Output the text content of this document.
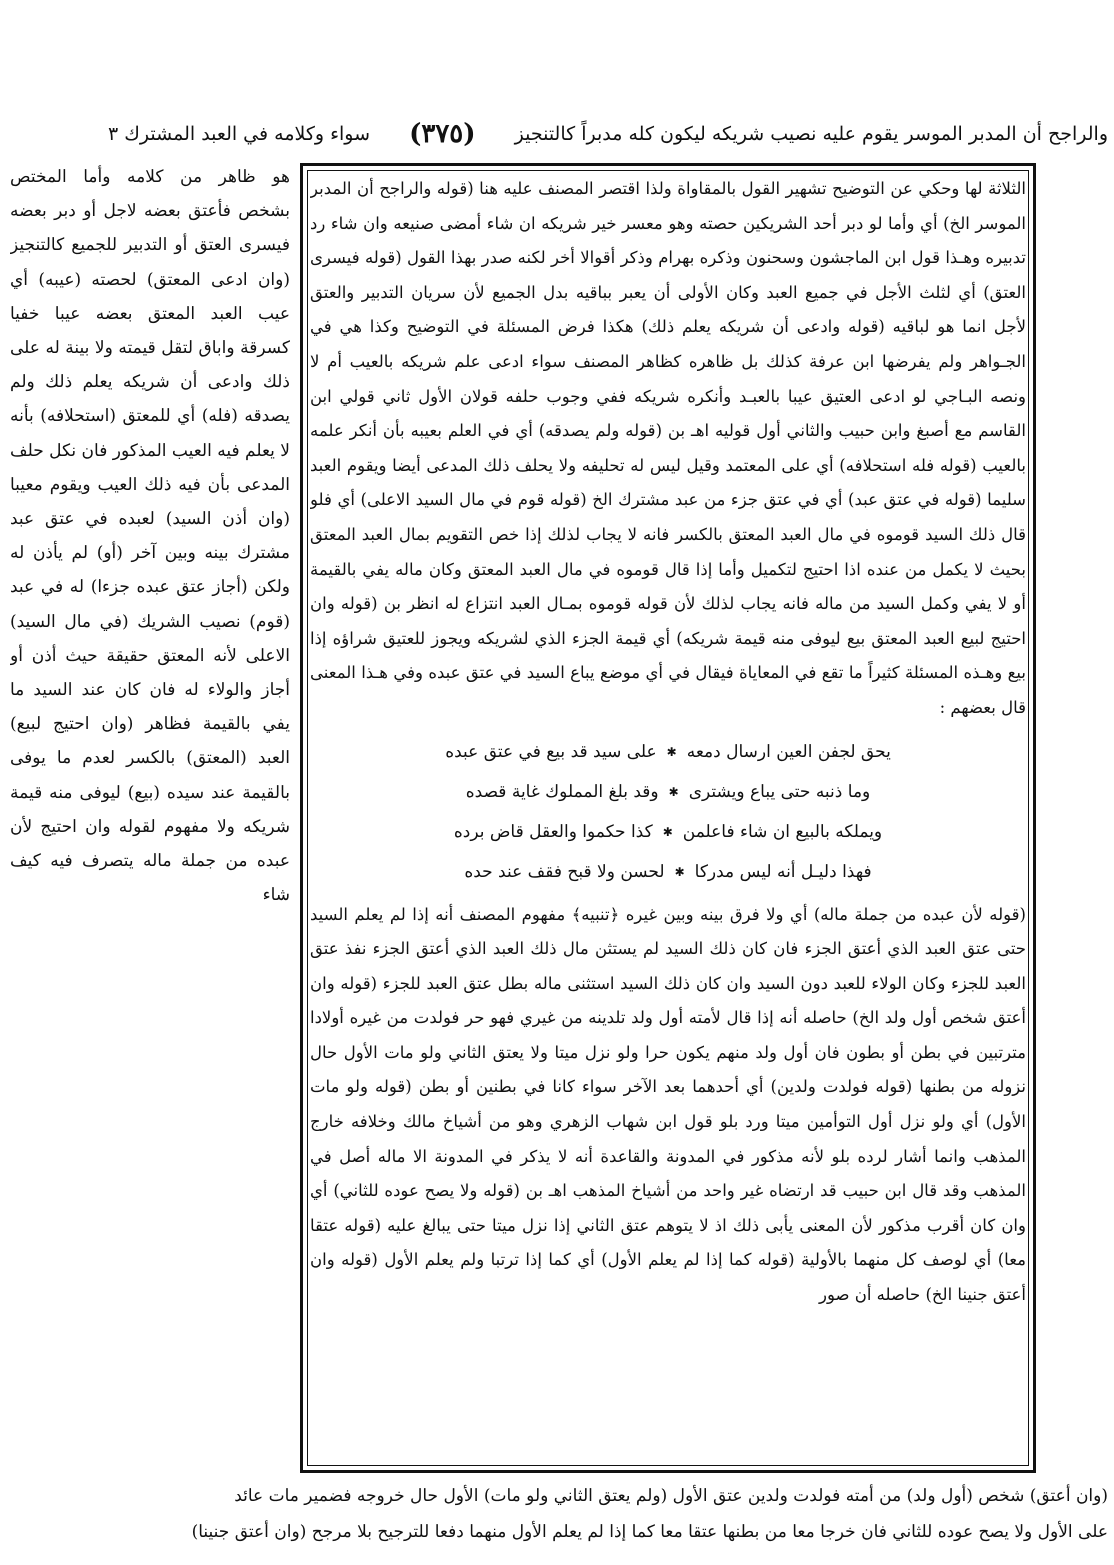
والراجح أن المدبر الموسر يقوم عليه نصيب شريكه ليكون كله مدبراً كالتنجيز
(٣٧٥)
سواء وكلامه في العبد المشترك ٣

الثلاثة لها وحكي عن التوضيح تشهير القول بالمقاواة ولذا اقتصر المصنف عليه هنا (قوله والراجح أن المدبر الموسر الخ) أي وأما لو دبر أحد الشريكين حصته وهو معسر خير شريكه ان شاء أمضى صنيعه وان شاء رد تدبيره وهـذا قول ابن الماجشون وسحنون وذكره بهرام وذكر أقوالا أخر لكنه صدر بهذا القول (قوله فيسرى العتق) أي لثلث الأجل في جميع العبد وكان الأولى أن يعبر بباقيه بدل الجميع لأن سريان التدبير والعتق لأجل انما هو لباقيه (قوله وادعى أن شريكه يعلم ذلك) هكذا فرض المسئلة في التوضيح وكذا هي في الجـواهر ولم يفرضها ابن عرفة كذلك بل ظاهره كظاهر المصنف سواء ادعى علم شريكه بالعيب أم لا ونصه البـاجي لو ادعى العتيق عيبا بالعبـد وأنكره شريكه ففي وجوب حلفه قولان الأول ثاني قولي ابن القاسم مع أصبغ وابن حبيب والثاني أول قوليه اهـ بن (قوله ولم يصدقه) أي في العلم بعيبه بأن أنكر علمه بالعيب (قوله فله استحلافه) أي على المعتمد وقيل ليس له تحليفه ولا يحلف ذلك المدعى أيضا ويقوم العبد سليما (قوله في عتق عبد) أي في عتق جزء من عبد مشترك الخ (قوله قوم في مال السيد الاعلى) أي فلو قال ذلك السيد قوموه في مال العبد المعتق بالكسر فانه لا يجاب لذلك إذا خص التقويم بمال العبد المعتق بحيث لا يكمل من عنده اذا احتيج لتكميل وأما إذا قال قوموه في مال العبد المعتق وكان ماله يفي بالقيمة أو لا يفي وكمل السيد من ماله فانه يجاب لذلك لأن قوله قوموه بمـال العبد انتزاع له انظر بن (قوله وان احتيج لبيع العبد المعتق بيع ليوفى منه قيمة شريكه) أي قيمة الجزء الذي لشريكه ويجوز للعتيق شراؤه إذا بيع وهـذه المسئلة كثيراً ما تقع في المعاياة فيقال في أي موضع يباع السيد في عتق عبده وفي هـذا المعنى قال بعضهم :

يحق لجفن العين ارسال دمعه
✱
على سيد قد بيع في عتق عبده
وما ذنبه حتى يباع ويشترى
✱
وقد بلغ المملوك غاية قصده
ويملكه بالبيع ان شاء فاعلمن
✱
كذا حكموا والعقل قاض برده
فهذا دليـل أنه ليس مدركا
✱
لحسن ولا قبح فقف عند حده

(قوله لأن عبده من جملة ماله) أي ولا فرق بينه وبين غيره ﴿تنبيه﴾ مفهوم المصنف أنه إذا لم يعلم السيد حتى عتق العبد الذي أعتق الجزء فان كان ذلك السيد لم يستثن مال ذلك العبد الذي أعتق الجزء نفذ عتق العبد للجزء وكان الولاء للعبد دون السيد وان كان ذلك السيد استثنى ماله بطل عتق العبد للجزء (قوله وان أعتق شخص أول ولد الخ) حاصله أنه إذا قال لأمته أول ولد تلدينه من غيري فهو حر فولدت من غيره أولادا مترتبين في بطن أو بطون فان أول ولد منهم يكون حرا ولو نزل ميتا ولا يعتق الثاني ولو مات الأول حال نزوله من بطنها (قوله فولدت ولدين) أي أحدهما بعد الآخر سواء كانا في بطنين أو بطن (قوله ولو مات الأول) أي ولو نزل أول التوأمين ميتا ورد بلو قول ابن شهاب الزهري وهو من أشياخ مالك وخلافه خارج المذهب وانما أشار لرده بلو لأنه مذكور في المدونة والقاعدة أنه لا يذكر في المدونة الا ماله أصل في المذهب وقد قال ابن حبيب قد ارتضاه غير واحد من أشياخ المذهب اهـ بن (قوله ولا يصح عوده للثاني) أي وان كان أقرب مذكور لأن المعنى يأبى ذلك اذ لا يتوهم عتق الثاني إذا نزل ميتا حتى يبالغ عليه (قوله عتقا معا) أي لوصف كل منهما بالأولية (قوله كما إذا لم يعلم الأول) أي كما إذا ترتبا ولم يعلم الأول (قوله وان أعتق جنينا الخ) حاصله أن صور

هو ظاهر من كلامه وأما المختص بشخص فأعتق بعضه لاجل أو دبر بعضه فيسرى العتق أو التدبير للجميع كالتنجيز (وان ادعى المعتق) لحصته (عيبه) أي عيب العبد المعتق بعضه عيبا خفيا كسرقة واباق لتقل قيمته ولا بينة له على ذلك وادعى أن شريكه يعلم ذلك ولم يصدقه (فله) أي للمعتق (استحلافه) بأنه لا يعلم فيه العيب المذكور فان نكل حلف المدعى بأن فيه ذلك العيب ويقوم معيبا (وان أذن السيد) لعبده في عتق عبد مشترك بينه وبين آخر (أو) لم يأذن له ولكن (أجاز عتق عبده جزءا) له في عبد (قوم) نصيب الشريك (في مال السيد) الاعلى لأنه المعتق حقيقة حيث أذن أو أجاز والولاء له فان كان عند السيد ما يفي بالقيمة فظاهر (وان احتيج لبيع) العبد (المعتق) بالكسر لعدم ما يوفى بالقيمة عند سيده (بيع) ليوفى منه قيمة شريكه ولا مفهوم لقوله وان احتيج لأن عبده من جملة ماله يتصرف فيه كيف شاء

(وان أعتق) شخص (أول ولد) من أمته فولدت ولدين عتق الأول (ولم يعتق الثاني ولو مات) الأول حال خروجه فضمير مات عائد

على الأول ولا يصح عوده للثاني فان خرجا معا من بطنها عتقا معا كما إذا لم يعلم الأول منهما دفعا للترجيح بلا مرجح (وان أعتق جنينا)
